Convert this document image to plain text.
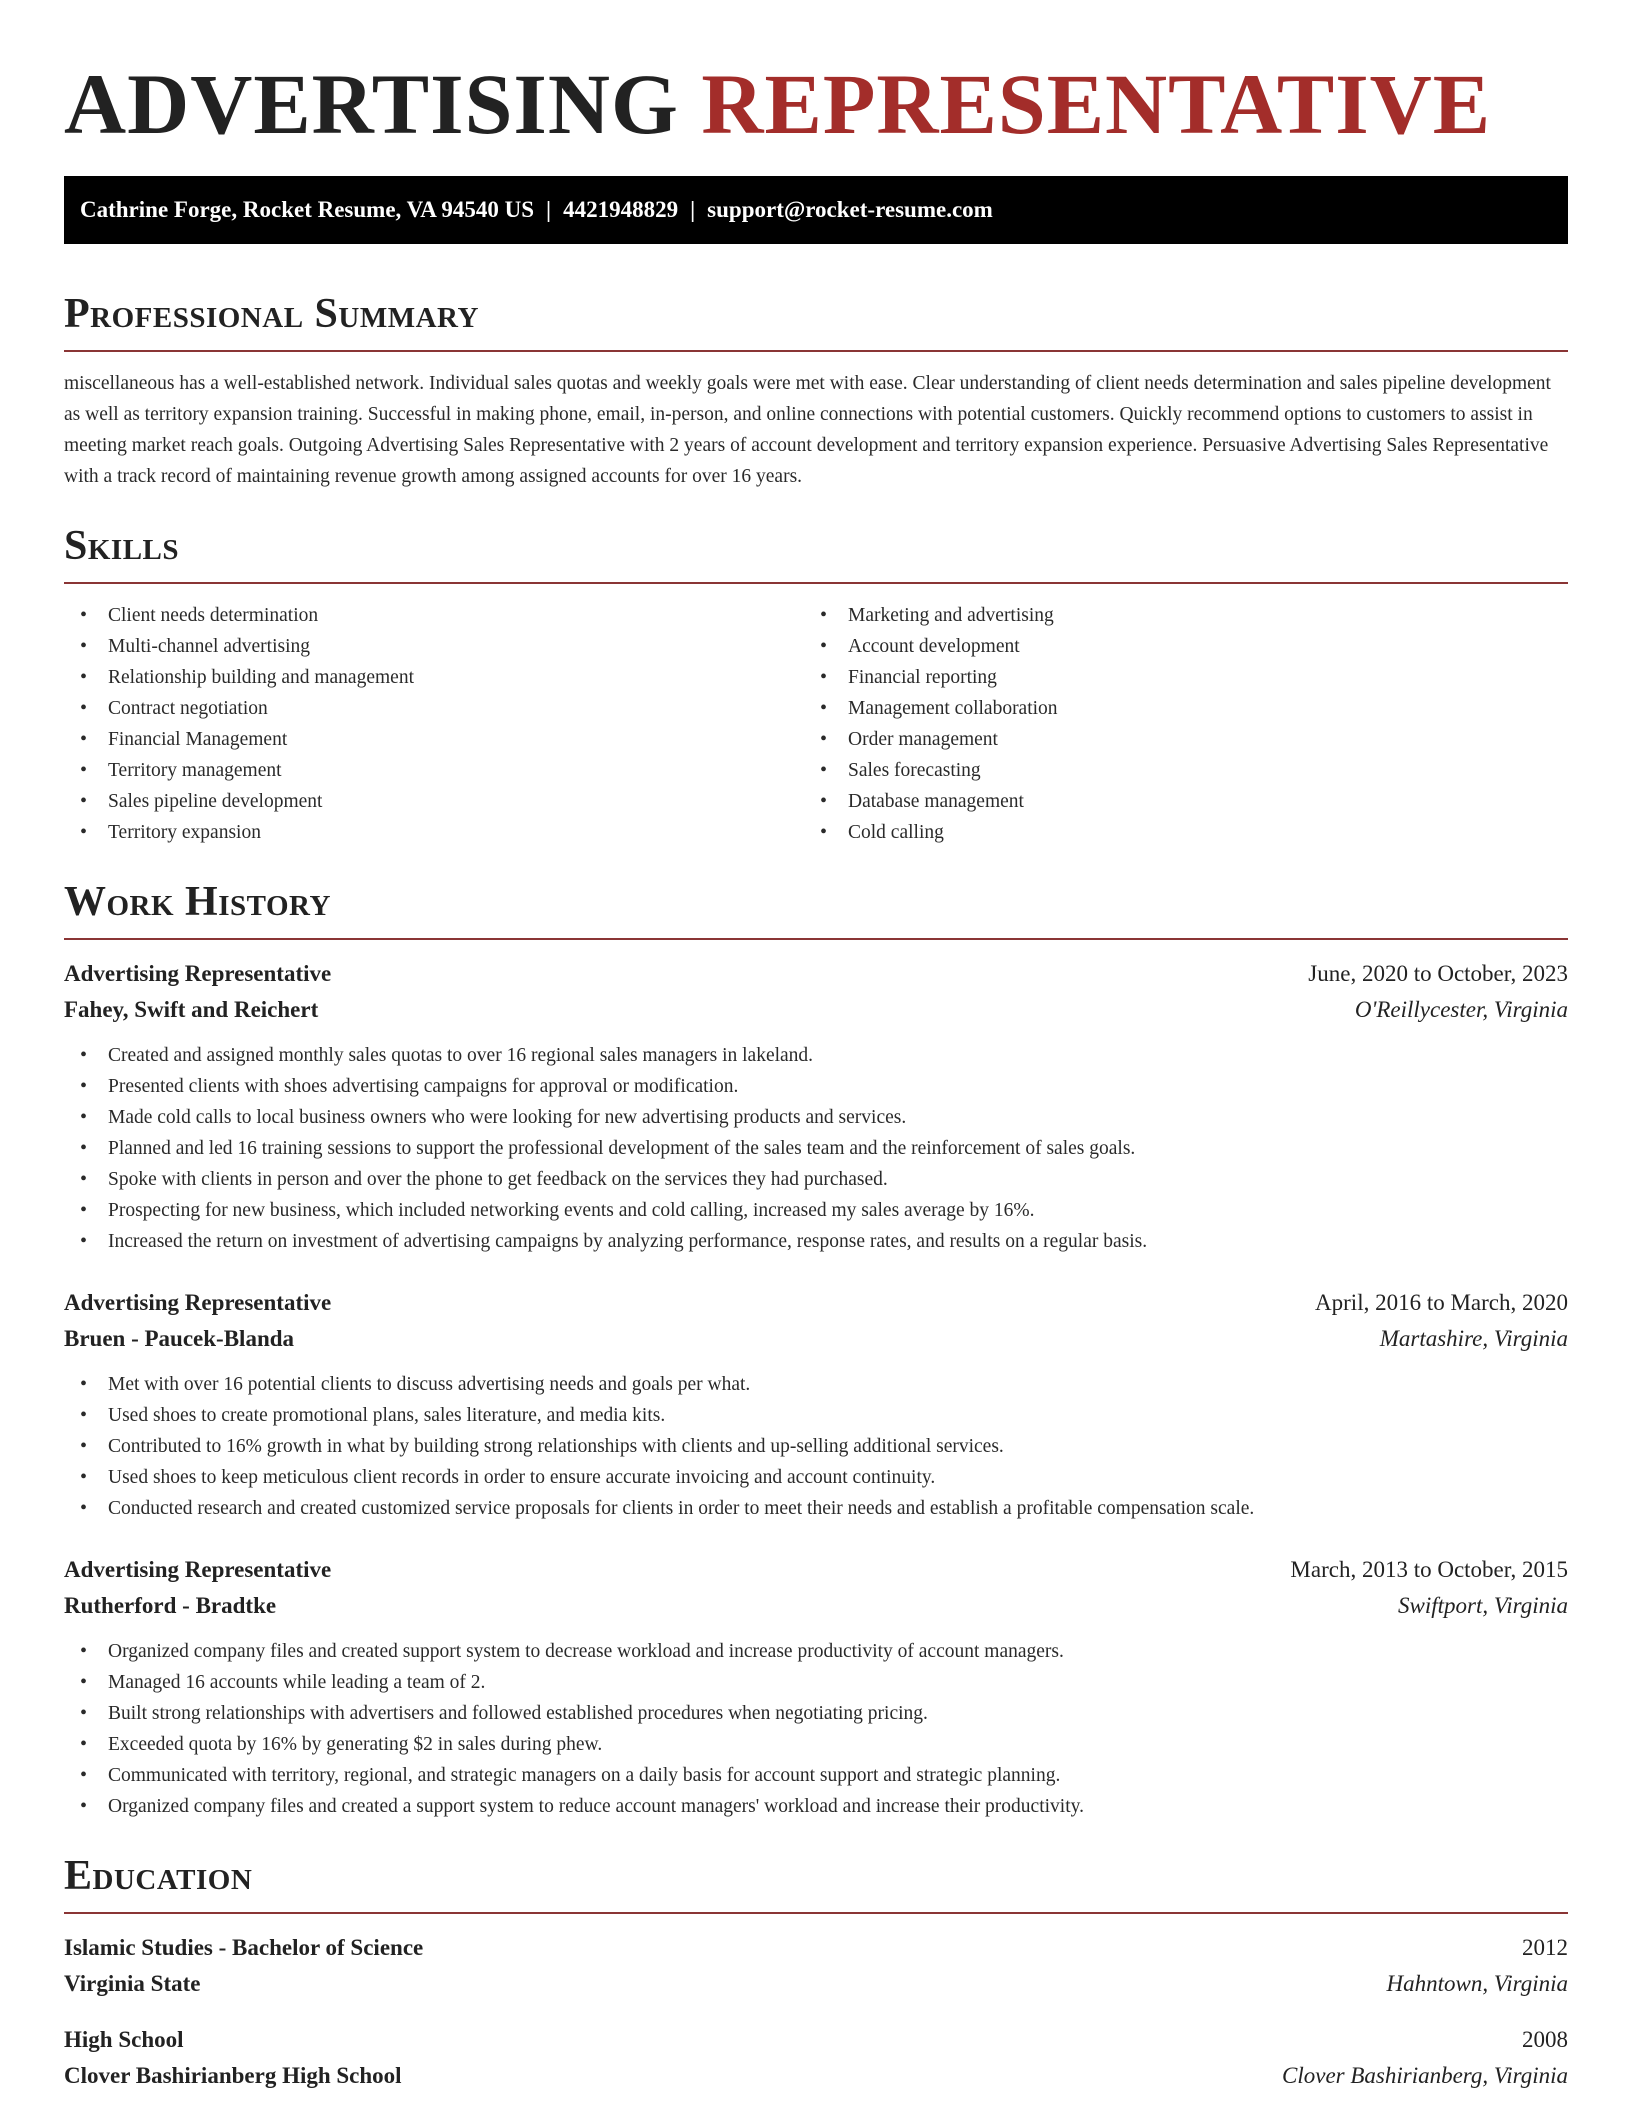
ADVERTISING REPRESENTATIVE
Cathrine Forge, Rocket Resume, VA 94540 US | 4421948829 | support@rocket-resume.com
Professional Summary

miscellaneous has a well-established network. Individual sales quotas and weekly goals were met with ease. Clear understanding of client needs determination and sales pipeline development as well as territory expansion training. Successful in making phone, email, in-person, and online connections with potential customers. Quickly recommend options to customers to assist in meeting market reach goals. Outgoing Advertising Sales Representative with 2 years of account development and territory expansion experience. Persuasive Advertising Sales Representative with a track record of maintaining revenue growth among assigned accounts for over 16 years.

Skills
• Client needs determination
• Multi-channel advertising
• Relationship building and management
• Contract negotiation
• Financial Management
• Territory management
• Sales pipeline development
• Territory expansion
• Marketing and advertising
• Account development
• Financial reporting
• Management collaboration
• Order management
• Sales forecasting
• Database management
• Cold calling
Work History
Advertising Representative	June, 2020 to October, 2023
Fahey, Swift and Reichert	O'Reillycester, Virginia
• Created and assigned monthly sales quotas to over 16 regional sales managers in lakeland.
• Presented clients with shoes advertising campaigns for approval or modification.
• Made cold calls to local business owners who were looking for new advertising products and services.
• Planned and led 16 training sessions to support the professional development of the sales team and the reinforcement of sales goals.
• Spoke with clients in person and over the phone to get feedback on the services they had purchased.
• Prospecting for new business, which included networking events and cold calling, increased my sales average by 16%.
• Increased the return on investment of advertising campaigns by analyzing performance, response rates, and results on a regular basis.
Advertising Representative	April, 2016 to March, 2020
Bruen - Paucek-Blanda	Martashire, Virginia
• Met with over 16 potential clients to discuss advertising needs and goals per what.
• Used shoes to create promotional plans, sales literature, and media kits.
• Contributed to 16% growth in what by building strong relationships with clients and up-selling additional services.
• Used shoes to keep meticulous client records in order to ensure accurate invoicing and account continuity.
• Conducted research and created customized service proposals for clients in order to meet their needs and establish a profitable compensation scale.
Advertising Representative	March, 2013 to October, 2015
Rutherford - Bradtke	Swiftport, Virginia
• Organized company files and created support system to decrease workload and increase productivity of account managers.
• Managed 16 accounts while leading a team of 2.
• Built strong relationships with advertisers and followed established procedures when negotiating pricing.
• Exceeded quota by 16% by generating $2 in sales during phew.
• Communicated with territory, regional, and strategic managers on a daily basis for account support and strategic planning.
• Organized company files and created a support system to reduce account managers' workload and increase their productivity.
Education
Islamic Studies - Bachelor of Science	2012
Virginia State	Hahntown, Virginia
High School	2008
Clover Bashirianberg High School	Clover Bashirianberg, Virginia
